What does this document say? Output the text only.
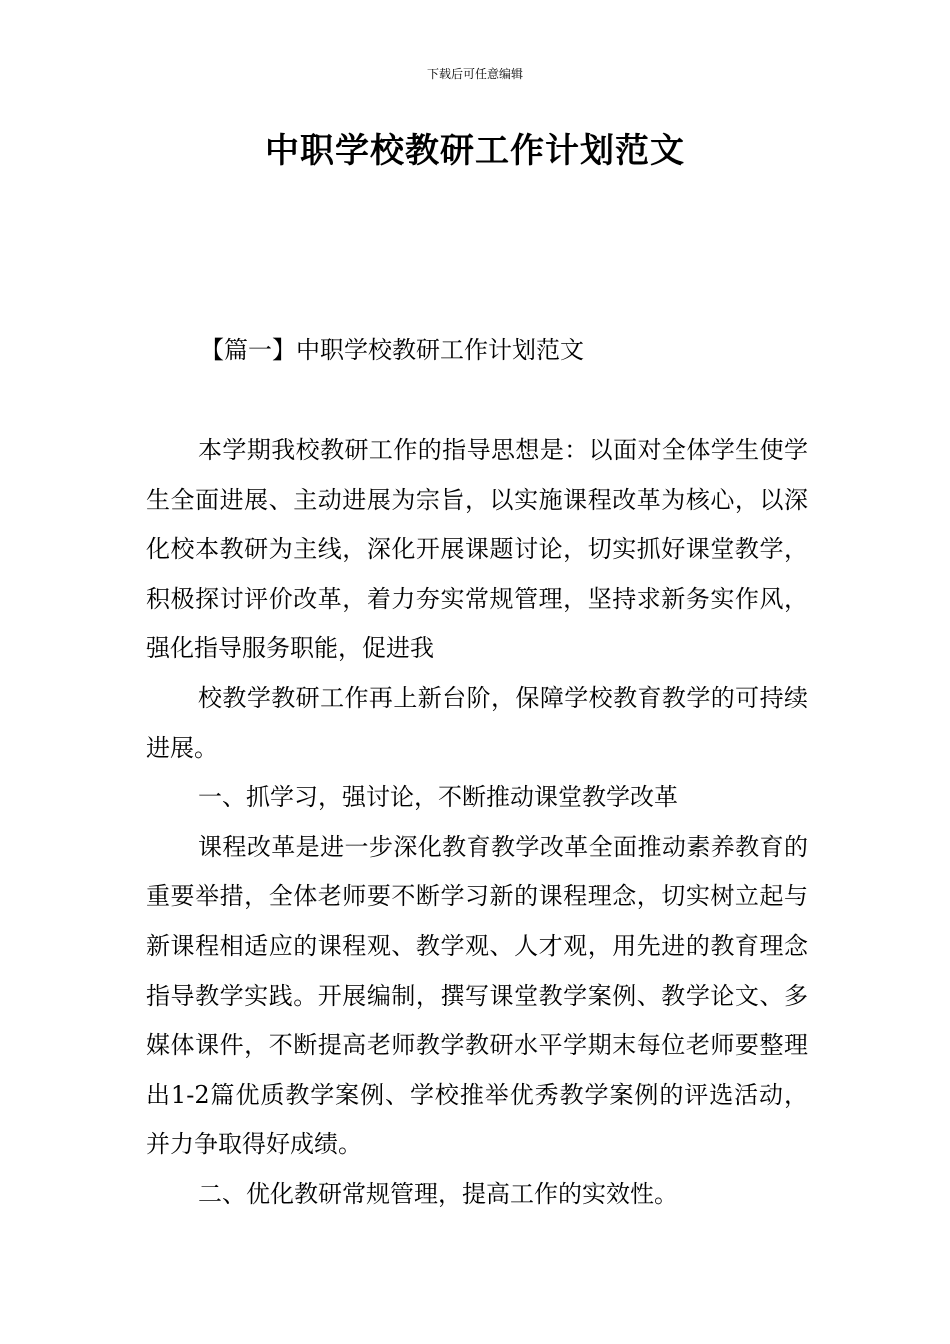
下载后可任意编辑
中职学校教研工作计划范文
【篇一】中职学校教研工作计划范文

本学期我校教研工作的指导思想是：以面对全体学生使学生全面进展、主动进展为宗旨，以实施课程改革为核心，以深化校本教研为主线，深化开展课题讨论，切实抓好课堂教学，积极探讨评价改革，着力夯实常规管理，坚持求新务实作风，强化指导服务职能，促进我

校教学教研工作再上新台阶，保障学校教育教学的可持续进展。

一、抓学习，强讨论，不断推动课堂教学改革

课程改革是进一步深化教育教学改革全面推动素养教育的重要举措，全体老师要不断学习新的课程理念，切实树立起与新课程相适应的课程观、教学观、人才观，用先进的教育理念指导教学实践。开展编制，撰写课堂教学案例、教学论文、多媒体课件，不断提高老师教学教研水平学期末每位老师要整理出1-2篇优质教学案例、学校推举优秀教学案例的评选活动，并力争取得好成绩。

二、优化教研常规管理，提高工作的实效性。
